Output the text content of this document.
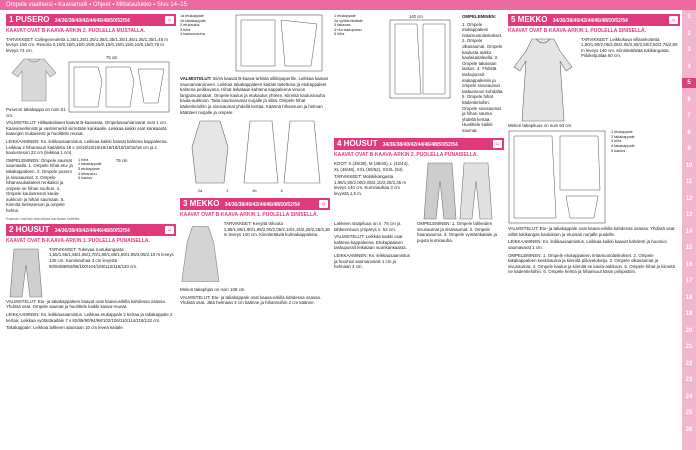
Ompele vaatteesi ▪ Kaavamalli ▪ Ohjeet ▪ Mittataulukko ▪ Sivu 14–15
1
2
3
4
5
6
7
8
9
10
11
12
13
14
15
16
17
18
19
20
21
22
23
24
25
26
1 PUSERO 34/36/38/40/42/44/46/48/50/52/54	☺
KAAVAT OVAT B-KAAVA-ARKIN 2. PUOLELLA MUSTALLA.

TARVIKKEET: Collegeneuletta 1,35/1,35/1,35/1,35/1,35/1,35/1,35/1,35/1,35/1,45 m leveys 150 cm. Resoria 0,15/0,15/0,15/0,15/0,15/0,15/0,15/0,15/0,15/0,15/0,75 m leveys 74 cm.

Puseron takakappa on noin 51 cm.

75 cm

VALMISTELUT: Hiiltaakoliaeet kaavat B-kaavasta. Ompelusaumanvarat ovat 1 cm. Kaavamerkinnät ja vastinmerkit siirretään kankaalle. Leikkaa kaikki osat kankaasta kaavojen mukaisesti ja huolittele reunat.

LEIKKAAMINEN: Ks. leikkausaamistus. Leikkaa kaikki kaavat kahtena kappaleena. Leikkaa 2 hihansuun kaitaletta 18 x 18/18/18/18/18/18/18/18/18/18/18 cm ja 1 kaulusresori 22 cm (leikkaa 1 cm).

OMPELEMINEN: Ompele saumat saumaalla. 1. Ompele hihat etu- ja takakappaleen. 2. Ompele pusero ja sivusaumat. 3. Ompele hihansuukaitaleet renkaiksi ja ompele ne hihan suuhun. 4. Ompele kaulusresori kaula-aukkoon ja hihan saumaan. 5. Kiinnitä helmaresori ja ompele helma.

1 hiha
2 takakappale
3 etukappale
4 hihansuu
5 kaulus
75 cm

Kaavan merkki tarkoittaa kankaan taitetta.

2 HOUSUT 34/36/38/40/42/44/46/48/50/52/54	☺
KAAVAT OVAT B-KAAVA-ARKIN 1. PUOLELLA PUNAISELLA.

TARVIKKEET: Tukevaa ruutukangasta 1,55/1,55/1,55/1,65/1,70/1,80/1,85/1,90/1,95/2,05/2,10 m leveys 140 cm. Kuminauhaa 3 cm levyistä 80/84/88/92/96/100/104/108/112/116/120 cm.

VALMISTELUT: Etu- ja takakappaleen kaavat ovat kaava-arkilla kahdessa osassa. Yhdistä osat. Ompele saumat ja huolittele kaikki kaava-reunat.

LEIKKAAMINEN: Ks. leikkausaamistus. Leikkaa etukappale 2 kertaa ja takakappale 2 kertaa. Leikkaa vyötärökaitale 7 x 82/86/90/94/98/102/106/110/114/118/122 cm.

Takakappale: Leikkaa lahkeen alaosaan 10 cm leveä kaitale.

1a etukappale
1b takakappale
2 etukaulus
3 hiha
4 kaulusnauha

VALMISTELUT: Siirrä kaavat B-kaava-arkista silkkipaperille. Leikkaa kaavat saumanvaroineen. Leikkaa takakappaleen kaitale taitettuna ja etukappaleet kahtena peilikuvana. Hihat leikataan kahtena kappaleena vinoon langansuuntaan. Ompele kaulus ja etukaulus yhteen. Kiinnitä kaulusnauha kaula-aukkoon. Taita saumanvarat nurjalle ja silitä. Ompele hihat kädentieloihin ja sivusaumat yhdellä kertaa. Käännä hihansuun ja helman käänteet nurjalle ja ompele.

2a	3	4b	6
3 MEKKO 34/36/38/40/42/44/46/48/50/52/54	☺
KAAVAT OVAT B-KAAVA-ARKIN 1. PUOLELLA SINISELLÄ.

TARVIKKEET: Kevyttä trikoota 1,85/1,85/1,90/1,95/2,00/2,05/2,10/2,15/2,20/2,25/2,30 m leveys 140 cm. Kiinnitettäviä kulmakappaleita.

Mekon takaphjas on noin 108 cm.

VALMISTELUT: Etu- ja takakappale ovat kaava-arkilla kahdessa osassa. Yhdistä osat. Jätä helmaan 3 cm käänne ja hihansuihin 2 cm käänne.

1 etukappale
2a vyötärökaitale
3 takaosa
4+4a taskupussi
5 hiha
140 cm	OMPELEMINEN:

1. Ompele etukappaleen rintamuotolaskokset. 2. Ompele olkasaumat. Ompele kaulusta aukko kaulakaitaleella. 3. Ompele takaosan laskos. 4. Yhdistä taskupussit etukappaleisiin ja ompele sivusaumat taskunsuun kohdalta. 5. Ompele hihat kädentieloihin. Ompele sivusaumat ja hihan sauma yhdellä kertaa. Huolittele kaikki saumat.

4 HOUSUT 34/36/38/40/42/44/46/48/50/52/54	☺
KAAVAT OVAT B-KAAVA-ARKIN 2. PUOLELLA PUNAISELLA.

KOOT: S (36/38), M (38/40), L (42/44), XL (46/48), XXL (50/52), XXXL (54)

TARVIKKEET: Molskikangasta 1,85/1,90/2,00/2,05/2,10/2,25/2,35 m leveys 140 cm. Kuminauhaa 3 cm levyistä 1,5 m.

Lahkeen sisäpituus on n. 76 cm ja lahkeensuun ympärys n. 52 cm.

VALMISTELUT: Leikkaa kaikki osat kahtena kappaleena. Etukappaleen taskupussit leikataan vuorikankaasta.

LEIKKAAMINEN: Ks. leikkausaamistus ja huomioi saumanvarat 1 cm ja helmaan 3 cm.

OMPELEMINEN: 1. Ompele lahkeiden sivusaumat ja sisäsaumat. 2. Ompele haarasauma. 3. Ompele vyötärökaitale ja pujota kuminauha.

5 MEKKO 34/36/38/40/42/44/46/48/50/52/54	☺
KAAVAT OVAT B-KAAVA-ARKIN 1. PUOLELLA SINISELLÄ.

TARVIKKEET: Leikkoltuva villasekoitetta 1,90/1,90/2,05/2,05/2,05/2,50/2,50/2,50/2,75/2,80 m leveys 140 cm. Kiinnitettävää tukikangasta. Piiloketjutilaa 60 cm.

Mekon takapituus on noin 93 cm.

1 etukappale
2 takakappale
3 hiha
4 takakappale
5 kaulus

VALMISTELUT: Etu- ja takakappale ovat kaava-arkilla kahdessa osassa. Yhdistä osat. Silitä tukikangas kauluksen ja etuosan nurjalle puolelle.

LEIKKAAMINEN: Ks. leikkausaamistus. Leikkaa kaikki kaavat kahdesti ja huomioi saumavarat 1 cm.

OMPELEMINEN: 1. Ompele etukappaleen rintamuotolaskokset. 2. Ompele takakappaleen keskisauma ja kiinnitä piilovetoketju. 3. Ompele olkasaumat ja sivusaumat. 4. Ompele kaulus ja kiinnitä se kaula-aukkoon. 5. Ompele hihat ja kiinnitä ne kädentieloihin. 6. Ompele helma ja hihansuut käsin piilopistoin.
